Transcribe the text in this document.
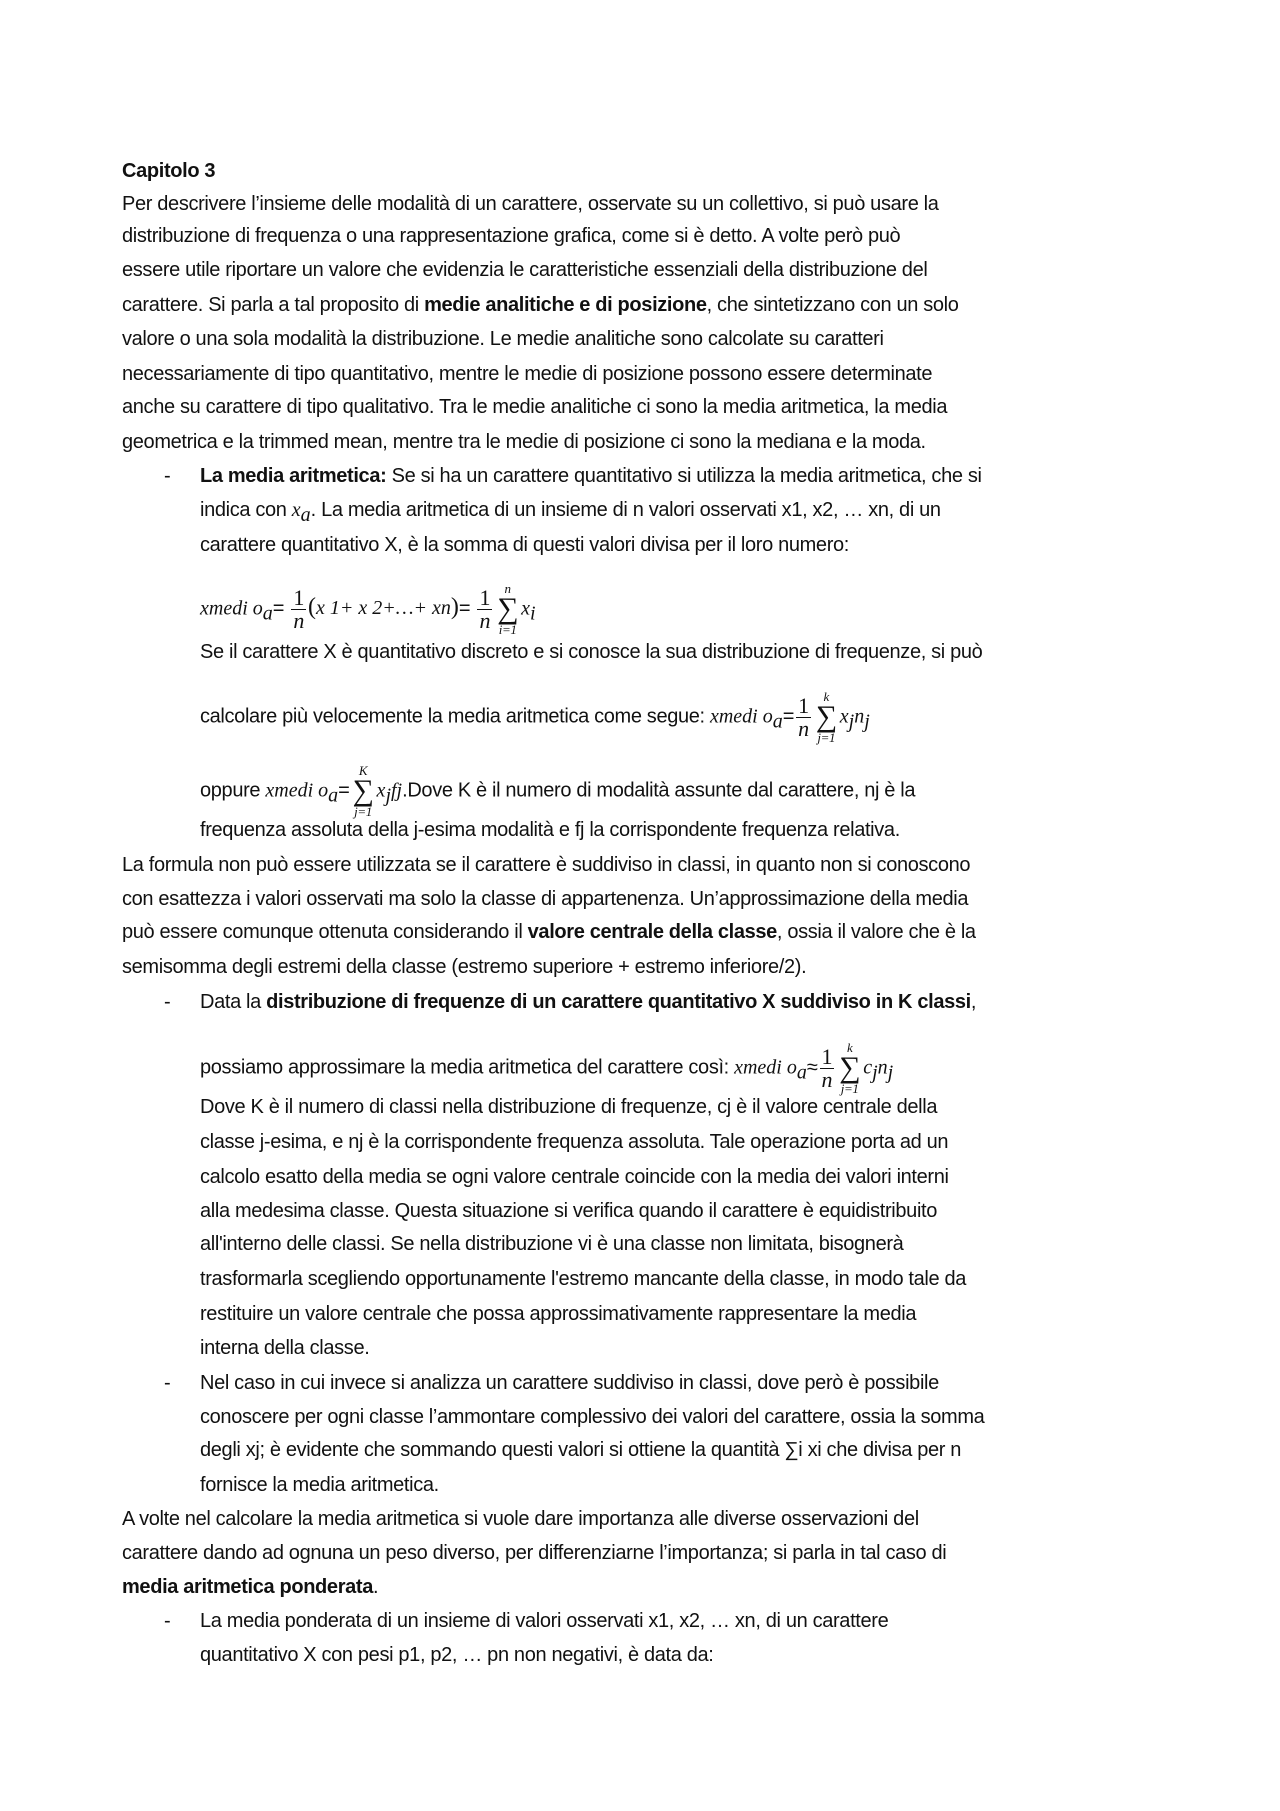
Capitolo 3
Per descrivere l’insieme delle modalità di un carattere, osservate su un collettivo, si può usare la
distribuzione di frequenza o una rappresentazione grafica, come si è detto. A volte però può
essere utile riportare un valore che evidenzia le caratteristiche essenziali della distribuzione del
carattere. Si parla a tal proposito di medie analitiche e di posizione, che sintetizzano con un solo
valore o una sola modalità la distribuzione. Le medie analitiche sono calcolate su caratteri
necessariamente di tipo quantitativo, mentre le medie di posizione possono essere determinate
anche su carattere di tipo qualitativo. Tra le medie analitiche ci sono la media aritmetica, la media
geometrica e la trimmed mean, mentre tra le medie di posizione ci sono la mediana e la moda.
- La media aritmetica: Se si ha un carattere quantitativo si utilizza la media aritmetica, che si
indica con $x_a$. La media aritmetica di un insieme di n valori osservati x1, x2, … xn, di un
carattere quantitativo X, è la somma di questi valori divisa per il loro numero:
xmedi $o_a= \frac{1}{n} (x$ 1+ x 2+…+ $xn)= \frac{1}{n}$ n
∑
i=1
$x_i$
Se il carattere X è quantitativo discreto e si conosce la sua distribuzione di frequenze, si può
calcolare più velocemente la media aritmetica come segue: xmedi $o_a= \frac{1}{n}$ k
∑
j=1
$x_jn_j$
oppure xmedi $o_a=$
K
∑
j=1
$x_jfj.Dove$ K è il numero di modalità assunte dal carattere, nj è la
frequenza assoluta della j-esima modalità e fj la corrispondente frequenza relativa.
La formula non può essere utilizzata se il carattere è suddiviso in classi, in quanto non si conoscono
con esattezza i valori osservati ma solo la classe di appartenenza. Un’approssimazione della media
può essere comunque ottenuta considerando il valore centrale della classe, ossia il valore che è la
semisomma degli estremi della classe (estremo superiore + estremo inferiore/2).
- Data la distribuzione di frequenze di un carattere quantitativo X suddiviso in K classi,
possiamo approssimare la media aritmetica del carattere così: xmedi $o_a\approx \frac{1}{n}$ k
∑
j=1
$c_jn_j$
Dove K è il numero di classi nella distribuzione di frequenze, cj è il valore centrale della
classe j-esima, e nj è la corrispondente frequenza assoluta. Tale operazione porta ad un
calcolo esatto della media se ogni valore centrale coincide con la media dei valori interni
alla medesima classe. Questa situazione si verifica quando il carattere è equidistribuito
all'interno delle classi. Se nella distribuzione vi è una classe non limitata, bisognerà
trasformarla scegliendo opportunamente l'estremo mancante della classe, in modo tale da
restituire un valore centrale che possa approssimativamente rappresentare la media
interna della classe.
- Nel caso in cui invece si analizza un carattere suddiviso in classi, dove però è possibile
conoscere per ogni classe l’ammontare complessivo dei valori del carattere, ossia la somma
degli xj; è evidente che sommando questi valori si ottiene la quantità ∑i xi che divisa per n
fornisce la media aritmetica.
A volte nel calcolare la media aritmetica si vuole dare importanza alle diverse osservazioni del
carattere dando ad ognuna un peso diverso, per differenziarne l’importanza; si parla in tal caso di
media aritmetica ponderata.
- La media ponderata di un insieme di valori osservati x1, x2, … xn, di un carattere
quantitativo X con pesi p1, p2, … pn non negativi, è data da:
